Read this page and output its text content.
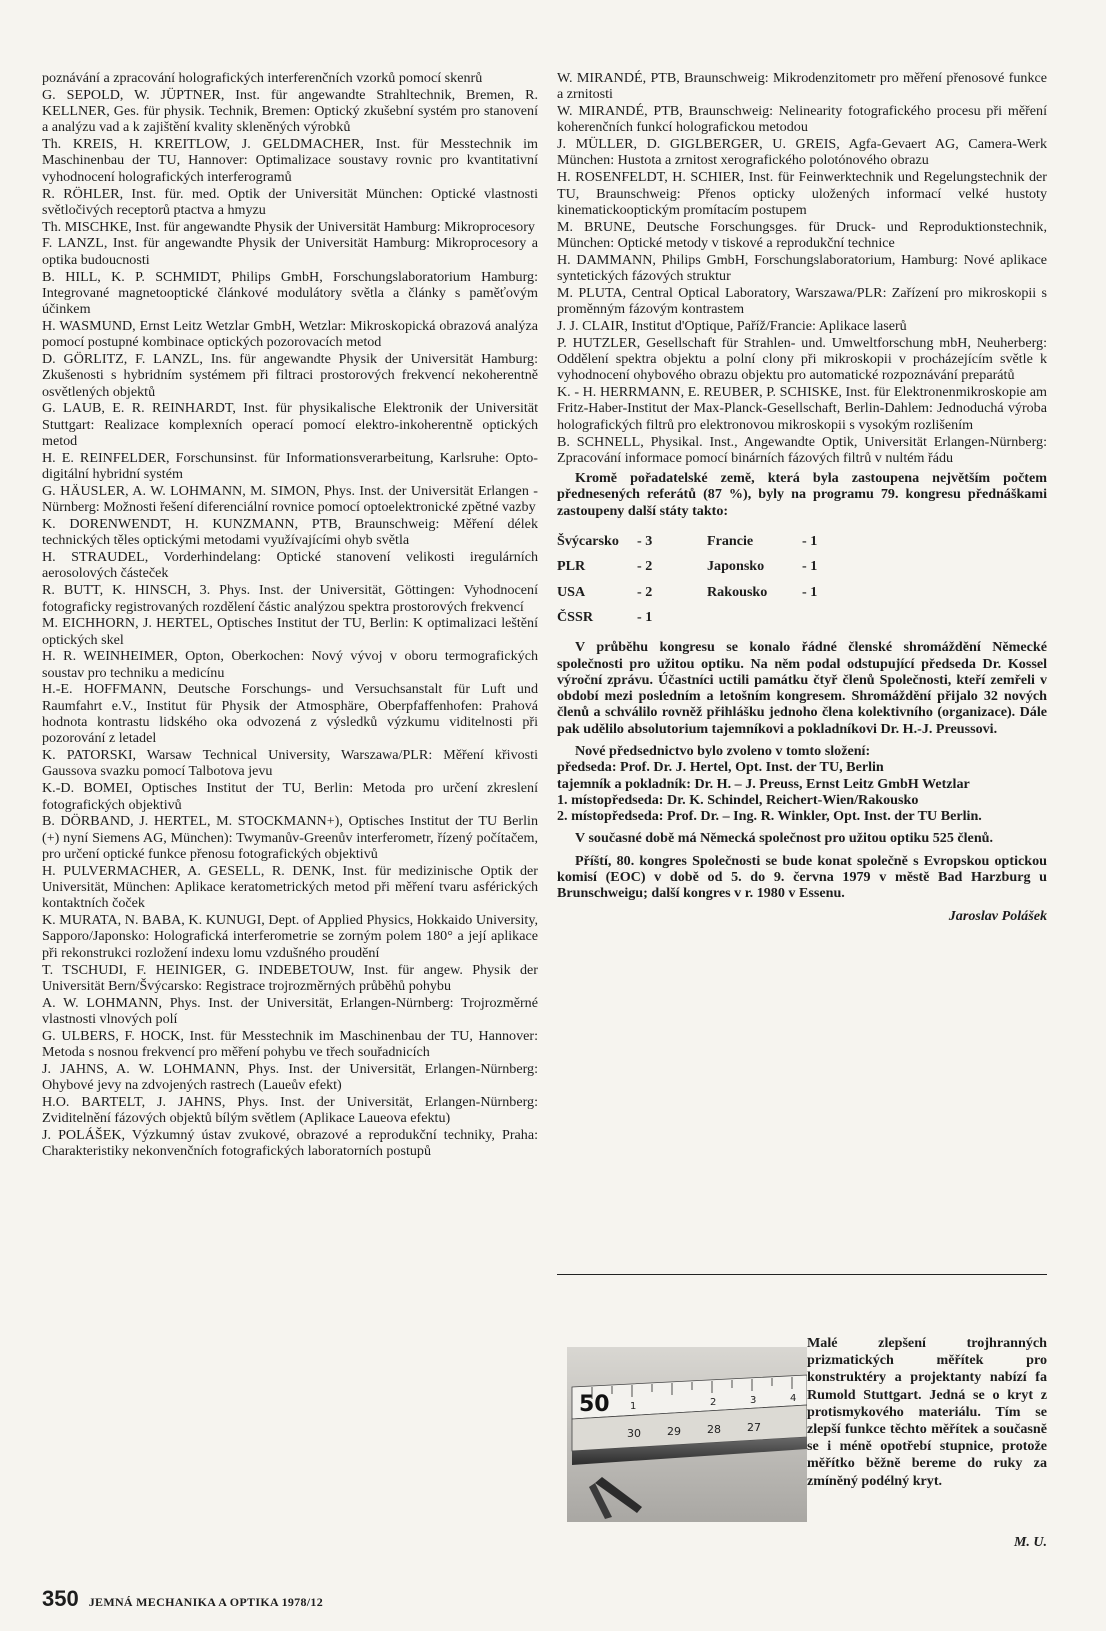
poznávání a zpracování holografických interferenčních vzorků pomocí skenrů

G. SEPOLD, W. JÜPTNER, Inst. für angewandte Strahltechnik, Bremen, R. KELLNER, Ges. für physik. Technik, Bremen: Optický zkušební systém pro stanovení a analýzu vad a k zajištění kvality skleněných výrobků

Th. KREIS, H. KREITLOW, J. GELDMACHER, Inst. für Messtechnik im Maschinenbau der TU, Hannover: Optimalizace soustavy rovnic pro kvantitativní vyhodnocení holografických interferogramů

R. RÖHLER, Inst. für. med. Optik der Universität München: Optické vlastnosti světločivých receptorů ptactva a hmyzu

Th. MISCHKE, Inst. für angewandte Physik der Universität Hamburg: Mikroprocesory

F. LANZL, Inst. für angewandte Physik der Universität Hamburg: Mikroprocesory a optika budoucnosti

B. HILL, K. P. SCHMIDT, Philips GmbH, Forschungslaboratorium Hamburg: Integrované magnetooptické článkové modulátory světla a články s paměťovým účinkem

H. WASMUND, Ernst Leitz Wetzlar GmbH, Wetzlar: Mikroskopická obrazová analýza pomocí postupné kombinace optických pozorovacích metod

D. GÖRLITZ, F. LANZL, Ins. für angewandte Physik der Universität Hamburg: Zkušenosti s hybridním systémem při filtraci prostorových frekvencí nekoherentně osvětlených objektů

G. LAUB, E. R. REINHARDT, Inst. für physikalische Elektronik der Universität Stuttgart: Realizace komplexních operací pomocí elektro-inkoherentně optických metod

H. E. REINFELDER, Forschunsinst. für Informationsverarbeitung, Karlsruhe: Opto-digitální hybridní systém

G. HÄUSLER, A. W. LOHMANN, M. SIMON, Phys. Inst. der Universität Erlangen - Nürnberg: Možnosti řešení diferenciální rovnice pomocí optoelektronické zpětné vazby

K. DORENWENDT, H. KUNZMANN, PTB, Braunschweig: Měření délek technických těles optickými metodami využívajícími ohyb světla

H. STRAUDEL, Vorderhindelang: Optické stanovení velikosti iregulárních aerosolových částeček

R. BUTT, K. HINSCH, 3. Phys. Inst. der Universität, Göttingen: Vyhodnocení fotograficky registrovaných rozdělení částic analýzou spektra prostorových frekvencí

M. EICHHORN, J. HERTEL, Optisches Institut der TU, Berlin: K optimalizaci leštění optických skel

H. R. WEINHEIMER, Opton, Oberkochen: Nový vývoj v oboru termografických soustav pro techniku a medicínu

H.-E. HOFFMANN, Deutsche Forschungs- und Versuchsanstalt für Luft und Raumfahrt e.V., Institut für Physik der Atmosphäre, Oberpfaffenhofen: Prahová hodnota kontrastu lidského oka odvozená z výsledků výzkumu viditelnosti při pozorování z letadel

K. PATORSKI, Warsaw Technical University, Warszawa/PLR: Měření křivosti Gaussova svazku pomocí Talbotova jevu

K.-D. BOMEI, Optisches Institut der TU, Berlin: Metoda pro určení zkreslení fotografických objektivů

B. DÖRBAND, J. HERTEL, M. STOCKMANN+), Optisches Institut der TU Berlin (+) nyní Siemens AG, München): Twymanův-Greenův interferometr, řízený počítačem, pro určení optické funkce přenosu fotografických objektivů

H. PULVERMACHER, A. GESELL, R. DENK, Inst. für medizinische Optik der Universität, München: Aplikace keratometrických metod při měření tvaru asférických kontaktních čoček

K. MURATA, N. BABA, K. KUNUGI, Dept. of Applied Physics, Hokkaido University, Sapporo/Japonsko: Holografická interferometrie se zorným polem 180° a její aplikace při rekonstrukci rozložení indexu lomu vzdušného proudění

T. TSCHUDI, F. HEINIGER, G. INDEBETOUW, Inst. für angew. Physik der Universität Bern/Švýcarsko: Registrace trojrozměrných průběhů pohybu

A. W. LOHMANN, Phys. Inst. der Universität, Erlangen-Nürnberg: Trojrozměrné vlastnosti vlnových polí

G. ULBERS, F. HOCK, Inst. für Messtechnik im Maschinenbau der TU, Hannover: Metoda s nosnou frekvencí pro měření pohybu ve třech souřadnicích

J. JAHNS, A. W. LOHMANN, Phys. Inst. der Universität, Erlangen-Nürnberg: Ohybové jevy na zdvojených rastrech (Laueův efekt)

H.O. BARTELT, J. JAHNS, Phys. Inst. der Universität, Erlangen-Nürnberg: Zviditelnění fázových objektů bílým světlem (Aplikace Laueova efektu)

J. POLÁŠEK, Výzkumný ústav zvukové, obrazové a reprodukční techniky, Praha: Charakteristiky nekonvenčních fotografických laboratorních postupů

W. MIRANDÉ, PTB, Braunschweig: Mikrodenzitometr pro měření přenosové funkce a zrnitosti

W. MIRANDÉ, PTB, Braunschweig: Nelinearity fotografického procesu při měření koherenčních funkcí holografickou metodou

J. MÜLLER, D. GIGLBERGER, U. GREIS, Agfa-Gevaert AG, Camera-Werk München: Hustota a zrnitost xerografického polotónového obrazu

H. ROSENFELDT, H. SCHIER, Inst. für Feinwerktechnik und Regelungstechnik der TU, Braunschweig: Přenos opticky uložených informací velké hustoty kinematickooptickým promítacím postupem

M. BRUNE, Deutsche Forschungsges. für Druck- und Reproduktionstechnik, München: Optické metody v tiskové a reprodukční technice

H. DAMMANN, Philips GmbH, Forschungslaboratorium, Hamburg: Nové aplikace syntetických fázových struktur

M. PLUTA, Central Optical Laboratory, Warszawa/PLR: Zařízení pro mikroskopii s proměnným fázovým kontrastem

J. J. CLAIR, Institut d'Optique, Paříž/Francie: Aplikace laserů

P. HUTZLER, Gesellschaft für Strahlen- und. Umweltforschung mbH, Neuherberg: Oddělení spektra objektu a polní clony při mikroskopii v procházejícím světle k vyhodnocení ohybového obrazu objektu pro automatické rozpoznávání preparátů

K. - H. HERRMANN, E. REUBER, P. SCHISKE, Inst. für Elektronenmikroskopie am Fritz-Haber-Institut der Max-Planck-Gesellschaft, Berlin-Dahlem: Jednoduchá výroba holografických filtrů pro elektronovou mikroskopii s vysokým rozlišením

B. SCHNELL, Physikal. Inst., Angewandte Optik, Universität Erlangen-Nürnberg: Zpracování informace pomocí binárních fázových filtrů v nultém řádu

Kromě pořadatelské země, která byla zastoupena největším počtem přednesených referátů (87 %), byly na programu 79. kongresu přednáškami zastoupeny další státy takto:

Švýcarsko	- 3	Francie	- 1
PLR	- 2	Japonsko	- 1
USA	- 2	Rakousko	- 1
ČSSR	- 1

V průběhu kongresu se konalo řádné členské shromáždění Německé společnosti pro užitou optiku. Na něm podal odstupující předseda Dr. Kossel výroční zprávu. Účastníci uctili památku čtyř členů Společnosti, kteří zemřeli v období mezi posledním a letošním kongresem. Shromáždění přijalo 32 nových členů a schválilo rovněž přihlášku jednoho člena kolektivního (organizace). Dále pak udělilo absolutorium tajemníkovi a pokladníkovi Dr. H.-J. Preussovi.

Nové předsednictvo bylo zvoleno v tomto složení:

předseda: Prof. Dr. J. Hertel, Opt. Inst. der TU, Berlin

tajemník a pokladník: Dr. H. – J. Preuss, Ernst Leitz GmbH Wetzlar

1. místopředseda: Dr. K. Schindel, Reichert-Wien/Rakousko

2. místopředseda: Prof. Dr. – Ing. R. Winkler, Opt. Inst. der TU Berlin.

V současné době má Německá společnost pro užitou optiku 525 členů.

Příští, 80. kongres Společnosti se bude konat společně s Evropskou optickou komisí (EOC) v době od 5. do 9. června 1979 v městě Bad Harzburg u Brunschweigu; další kongres v r. 1980 v Essenu.

Jaroslav Polášek

50 1	2	3	4
30 29 28 27
Malé zlepšení trojhranných prizmatických měřítek pro konstruktéry a projektanty nabízí fa Rumold Stuttgart. Jedná se o kryt z protismykového materiálu. Tím se zlepší funkce těchto měřítek a současně se i méně opotřebí stupnice, protože měřítko běžně bereme do ruky za zmíněný podélný kryt.
M. U.
350 JEMNÁ MECHANIKA A OPTIKA 1978/12
